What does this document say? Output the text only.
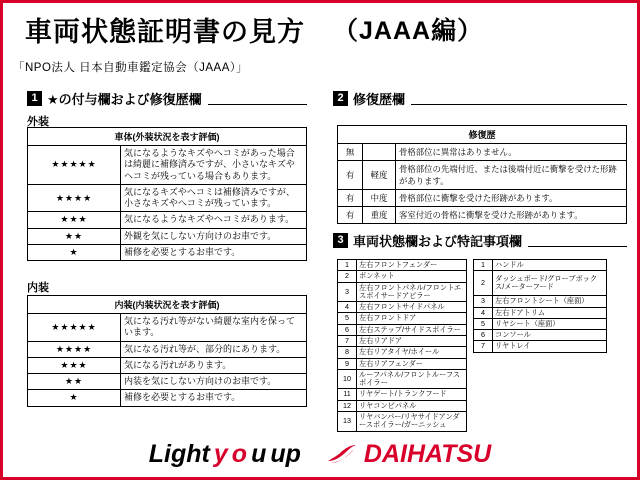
車両状態証明書の見方 （JAAA編）
「NPO法人 日本自動車鑑定協会（JAAA）」
1 ★の付与欄および修復歴欄	2 修復歴欄
外装
車体(外装状況を表す評価)	
★★★★★	気になるようなキズやヘコミがあった場合は綺麗に補修済みですが、小さいなキズやヘコミが残っている場合もあります。
★★★★	気になるキズやヘコミは補修済みですが、小さなキズやヘコミが残っています。
★★★	気になるようなキズやヘコミがあります。
★★	外観を気にしない方向けのお車です。
★	補修を必要とするお車です。
内装
内装(内装状況を表す評価)	
★★★★★	気になる汚れ等がない綺麗な室内を保っています。
★★★★	気になる汚れ等が、部分的にあります。
★★★	気になる汚れがあります。
★★	内装を気にしない方向けのお車です。
★	補修を必要とするお車です。
修復歴		
無		骨格部位に異常はありません。
有	軽度	骨格部位の先端付近、または後端付近に衝撃を受けた形跡があります。
有	中度	骨格部位に衝撃を受けた形跡があります。
有	重度	客室付近の骨格に衝撃を受けた形跡があります。
3 車両状態欄および特記事項欄
1	左右フロントフェンダー
2	ボンネット
3	左右フロントパネル/フロントエスボイサードアピラー
4	左右フロントサイドパネル
5	左右フロントドア
6	左右ステップ/サイドスポイラー
7	左右リアドア
8	左右リアタイヤ/ホイール
9	左右リアフェンダー
10	ルーフパネル/フロントルーフスポイラー
11	リヤゲート/トランクフード
12	リヤコンビパネル
13	リヤバンパー/リヤサイドアンダースポイラー/ガーニッシュ
1	ハンドル
2	ダッシュボード/グローブボックス/メーターフード
3	左右フロントシート（座面）
4	左右ドアトリム
5	リヤシート（座面）
6	コンソール
7	リヤトレイ
Light y o u up	DAIHATSU
